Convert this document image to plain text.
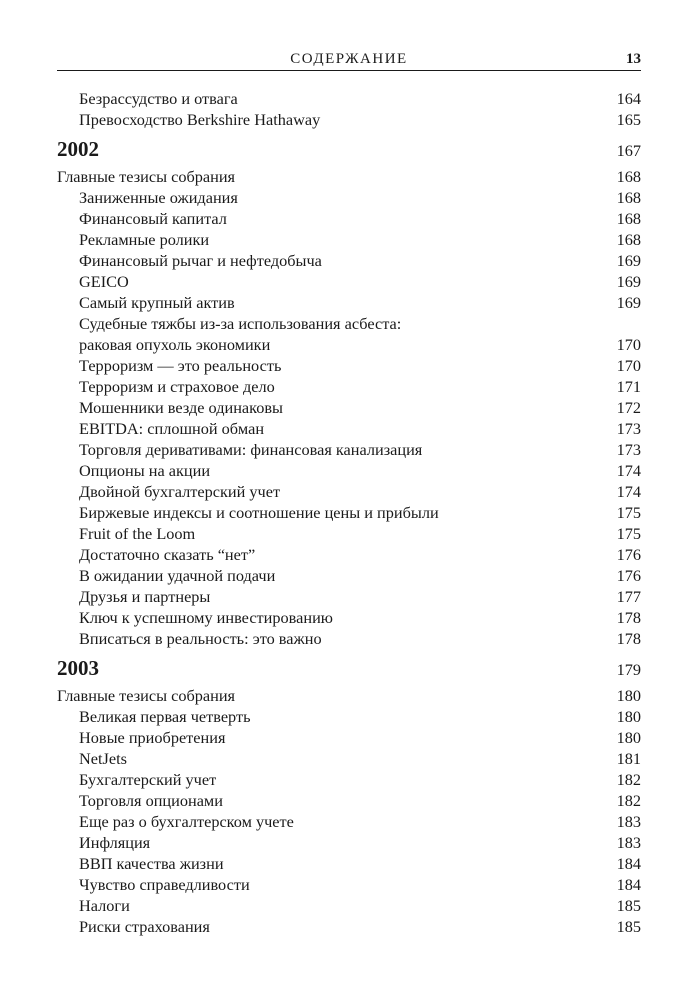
СОДЕРЖАНИЕ	13
Безрассудство и отвага	164
Превосходство Berkshire Hathaway	165
2002	167
Главные тезисы собрания	168
Заниженные ожидания	168
Финансовый капитал	168
Рекламные ролики	168
Финансовый рычаг и нефтедобыча	169
GEICO	169
Самый крупный актив	169
Судебные тяжбы из-за использования асбеста:
раковая опухоль экономики	170
Терроризм — это реальность	170
Терроризм и страховое дело	171
Мошенники везде одинаковы	172
EBITDA: сплошной обман	173
Торговля деривативами: финансовая канализация	173
Опционы на акции	174
Двойной бухгалтерский учет	174
Биржевые индексы и соотношение цены и прибыли	175
Fruit of the Loom	175
Достаточно сказать “нет”	176
В ожидании удачной подачи	176
Друзья и партнеры	177
Ключ к успешному инвестированию	178
Вписаться в реальность: это важно	178
2003	179
Главные тезисы собрания	180
Великая первая четверть	180
Новые приобретения	180
NetJets	181
Бухгалтерский учет	182
Торговля опционами	182
Еще раз о бухгалтерском учете	183
Инфляция	183
ВВП качества жизни	184
Чувство справедливости	184
Налоги	185
Риски страхования	185
